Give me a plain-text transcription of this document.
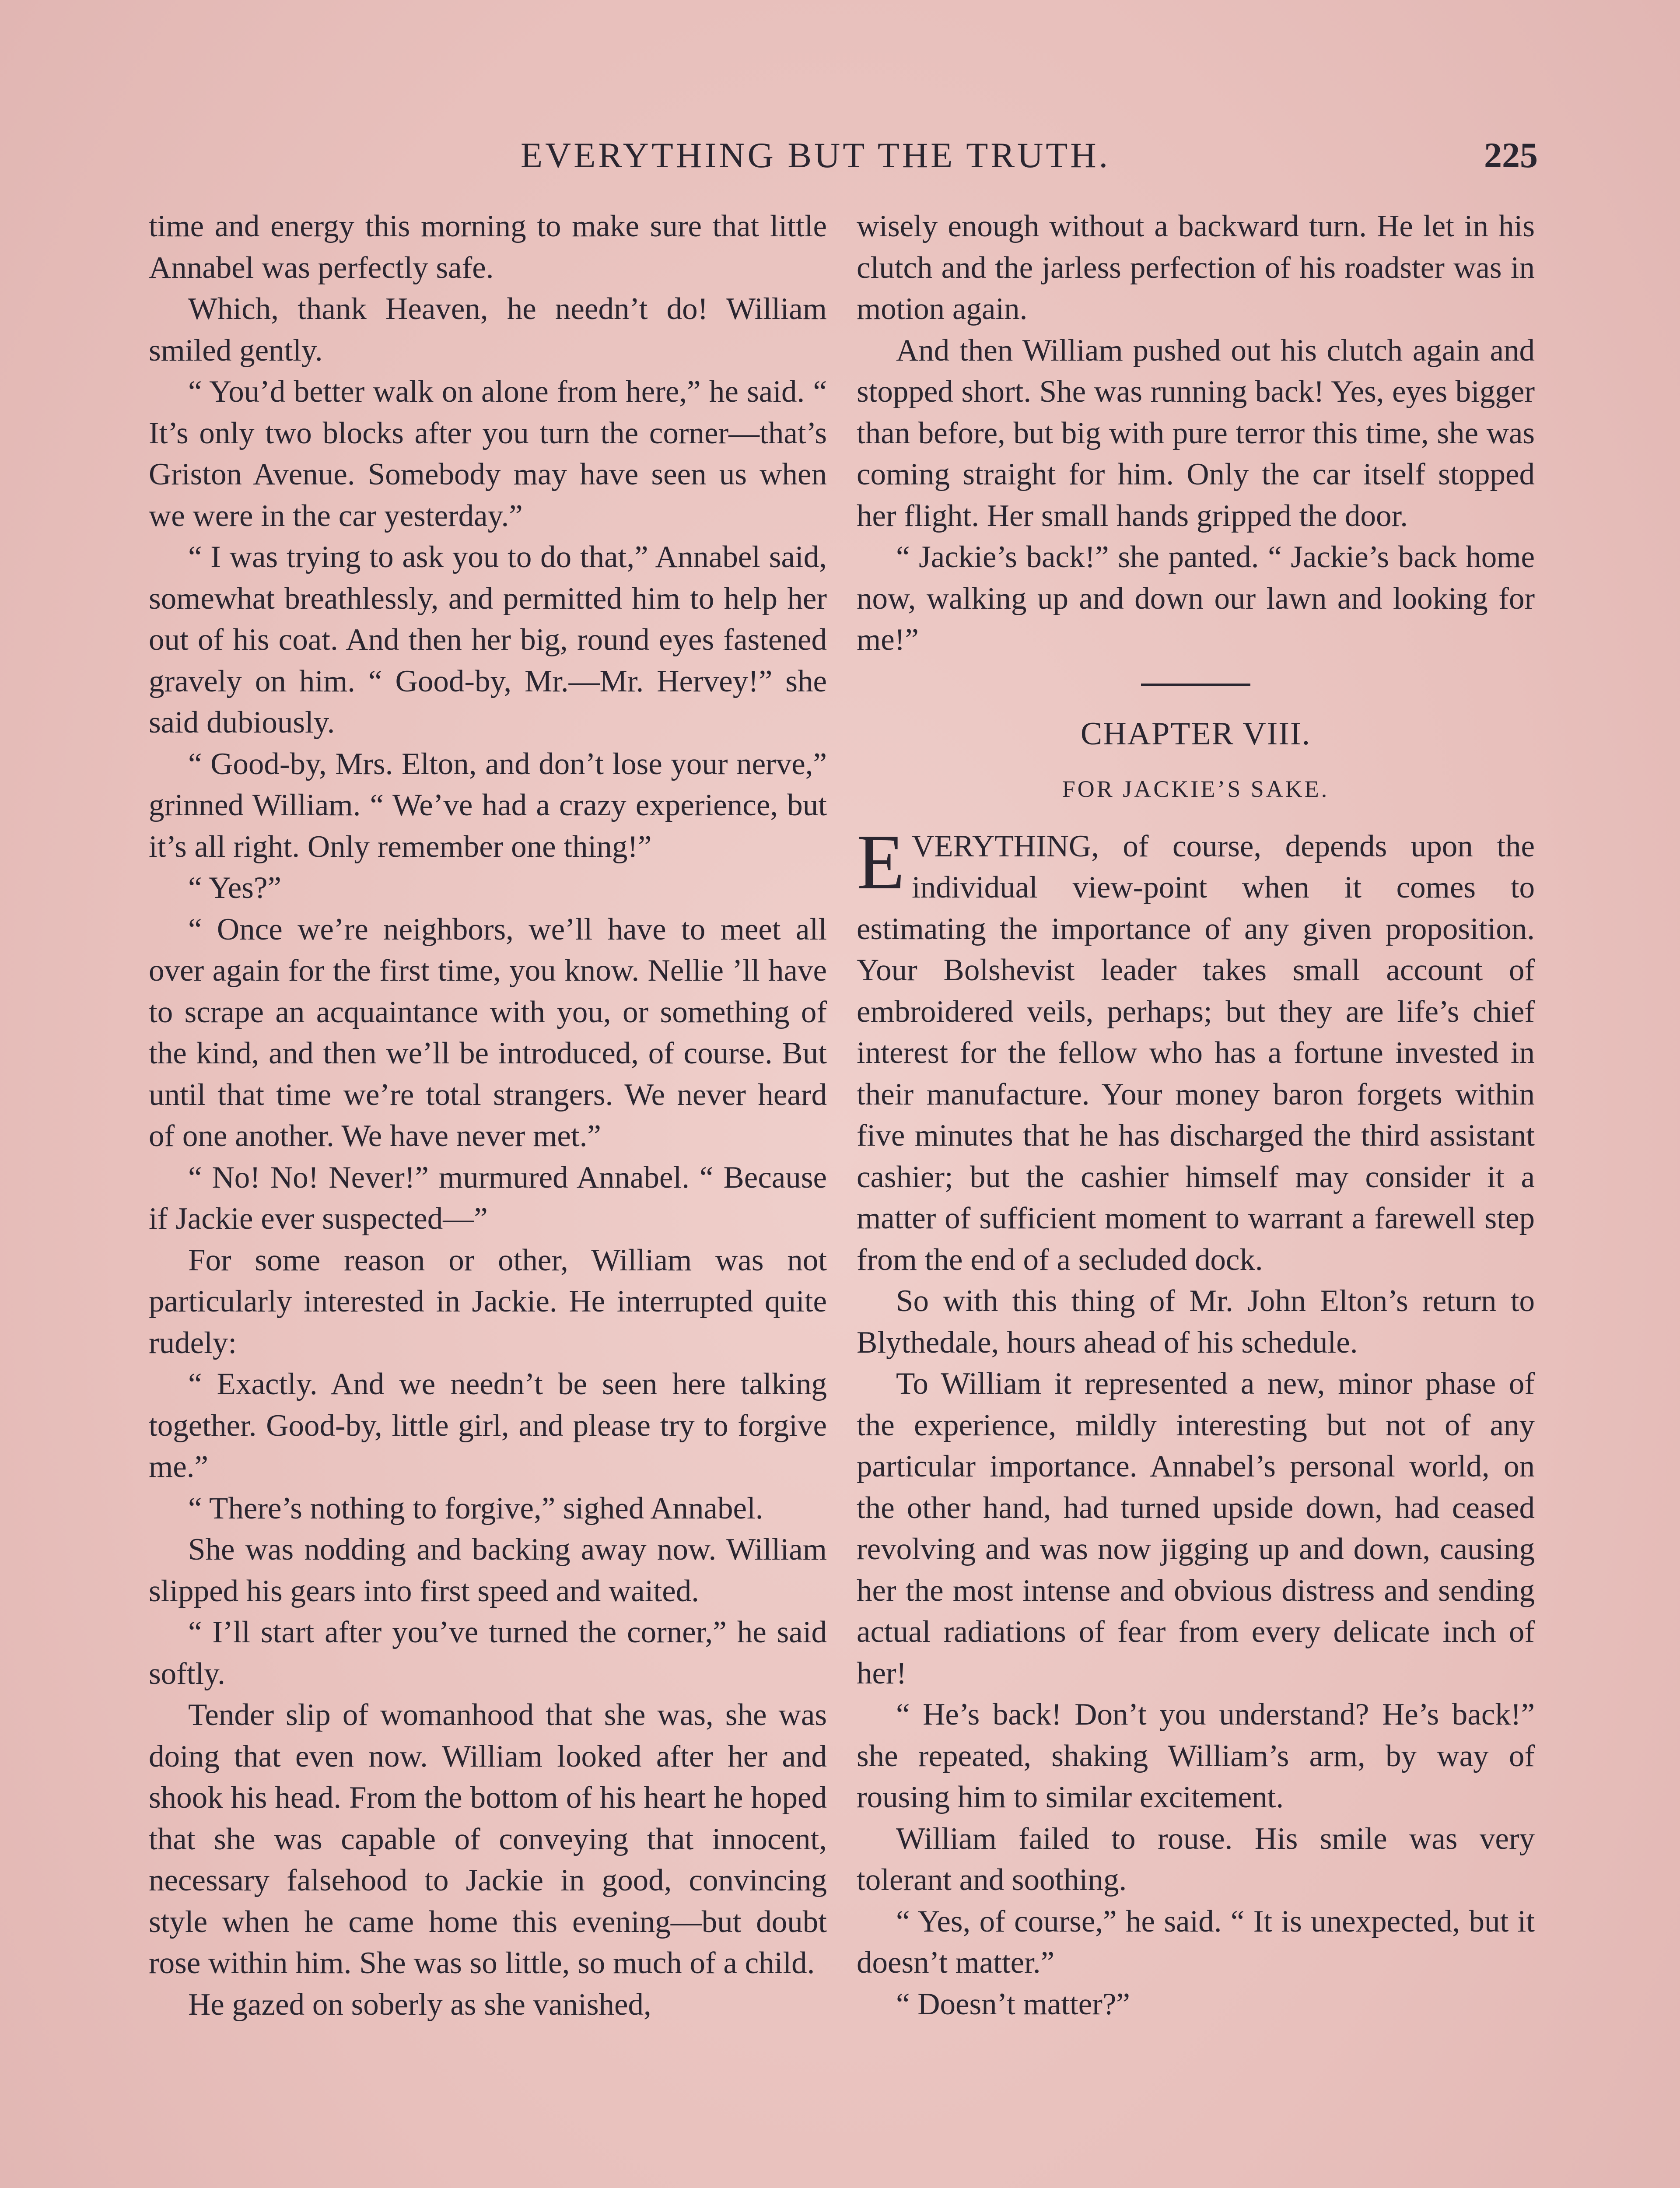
EVERYTHING BUT THE TRUTH.	225

time and energy this morning to make sure that little Annabel was perfectly safe.

Which, thank Heaven, he needn’t do! William smiled gently.

“ You’d better walk on alone from here,” he said. “ It’s only two blocks after you turn the corner—that’s Griston Avenue. Somebody may have seen us when we were in the car yesterday.”

“ I was trying to ask you to do that,” Annabel said, somewhat breathlessly, and permitted him to help her out of his coat. And then her big, round eyes fastened gravely on him. “ Good-by, Mr.—Mr. Hervey!” she said dubiously.

“ Good-by, Mrs. Elton, and don’t lose your nerve,” grinned William. “ We’ve had a crazy experience, but it’s all right. Only remember one thing!”

“ Yes?”

“ Once we’re neighbors, we’ll have to meet all over again for the first time, you know. Nellie ’ll have to scrape an acquaintance with you, or something of the kind, and then we’ll be introduced, of course. But until that time we’re total strangers. We never heard of one another. We have never met.”

“ No! No! Never!” murmured Annabel. “ Because if Jackie ever suspected—”

For some reason or other, William was not particularly interested in Jackie. He interrupted quite rudely:

“ Exactly. And we needn’t be seen here talking together. Good-by, little girl, and please try to forgive me.”

“ There’s nothing to forgive,” sighed Annabel.

She was nodding and backing away now. William slipped his gears into first speed and waited.

“ I’ll start after you’ve turned the corner,” he said softly.

Tender slip of womanhood that she was, she was doing that even now. William looked after her and shook his head. From the bottom of his heart he hoped that she was capable of conveying that innocent, necessary falsehood to Jackie in good, convincing style when he came home this evening—but doubt rose within him. She was so little, so much of a child.

He gazed on soberly as she vanished,

wisely enough without a backward turn. He let in his clutch and the jarless perfection of his roadster was in motion again.

And then William pushed out his clutch again and stopped short. She was running back! Yes, eyes bigger than before, but big with pure terror this time, she was coming straight for him. Only the car itself stopped her flight. Her small hands gripped the door.

“ Jackie’s back!” she panted. “ Jackie’s back home now, walking up and down our lawn and looking for me!”

CHAPTER VIII.
FOR JACKIE’S SAKE.

EVERYTHING, of course, depends upon the individual view-point when it comes to estimating the importance of any given proposition. Your Bolshevist leader takes small account of embroidered veils, perhaps; but they are life’s chief interest for the fellow who has a fortune invested in their manufacture. Your money baron forgets within five minutes that he has discharged the third assistant cashier; but the cashier himself may consider it a matter of sufficient moment to warrant a farewell step from the end of a secluded dock.

So with this thing of Mr. John Elton’s return to Blythedale, hours ahead of his schedule.

To William it represented a new, minor phase of the experience, mildly interesting but not of any particular importance. Annabel’s personal world, on the other hand, had turned upside down, had ceased revolving and was now jigging up and down, causing her the most intense and obvious distress and sending actual radiations of fear from every delicate inch of her!

“ He’s back! Don’t you understand? He’s back!” she repeated, shaking William’s arm, by way of rousing him to similar excitement.

William failed to rouse. His smile was very tolerant and soothing.

“ Yes, of course,” he said. “ It is unexpected, but it doesn’t matter.”

“ Doesn’t matter?”
